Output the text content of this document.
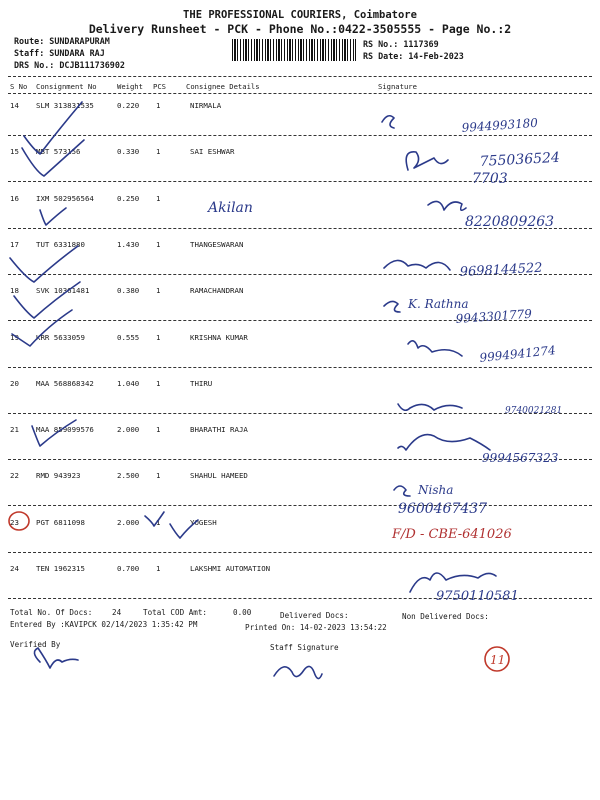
THE PROFESSIONAL COURIERS, Coimbatore
Delivery Runsheet - PCK - Phone No.:0422-3505555 - Page No.:2
Route: SUNDARAPURAM
Staff: SUNDARA RAJ
DRS No.: DCJB111736902
RS No.: 1117369
RS Date: 14-Feb-2023
S No Consignment No	Weight PCS	Consignee Details	Signature
14 SLM 313831535	0.220 1	NIRMALA
15 MBT 573156	0.330 1	SAI ESHWAR
16 IXM 502956564	0.250 1
17 TUT 6331880	1.430 1	THANGESWARAN
18 SVK 10361481	0.380 1	RAMACHANDRAN
19 KRR 5633059	0.555 1	KRISHNA KUMAR
20 MAA 568868342	1.040 1	THIRU
21 MAA 859099576	2.000 1	BHARATHI RAJA
22 RMD 943923	2.500 1	SHAHUL HAMEED
23 PGT 6811098	2.000 1	YOGESH
24 TEN 1962315	0.700 1	LAKSHMI AUTOMATION
Total No. Of Docs:	24	Total COD Amt:	0.00	Delivered Docs:	Non Delivered Docs:
Entered By :KAVIPCK 02/14/2023 1:35:42 PM	Printed On: 14-02-2023 13:54:22
Verified By	Staff Signature
9944993180
755036524
7703
Akilan
8220809263
9698144522
K. Rathna
9943301779
9994941274
9740021281
9994567323
Nisha
9600467437
F/D - CBE-641026
9750110581
11
